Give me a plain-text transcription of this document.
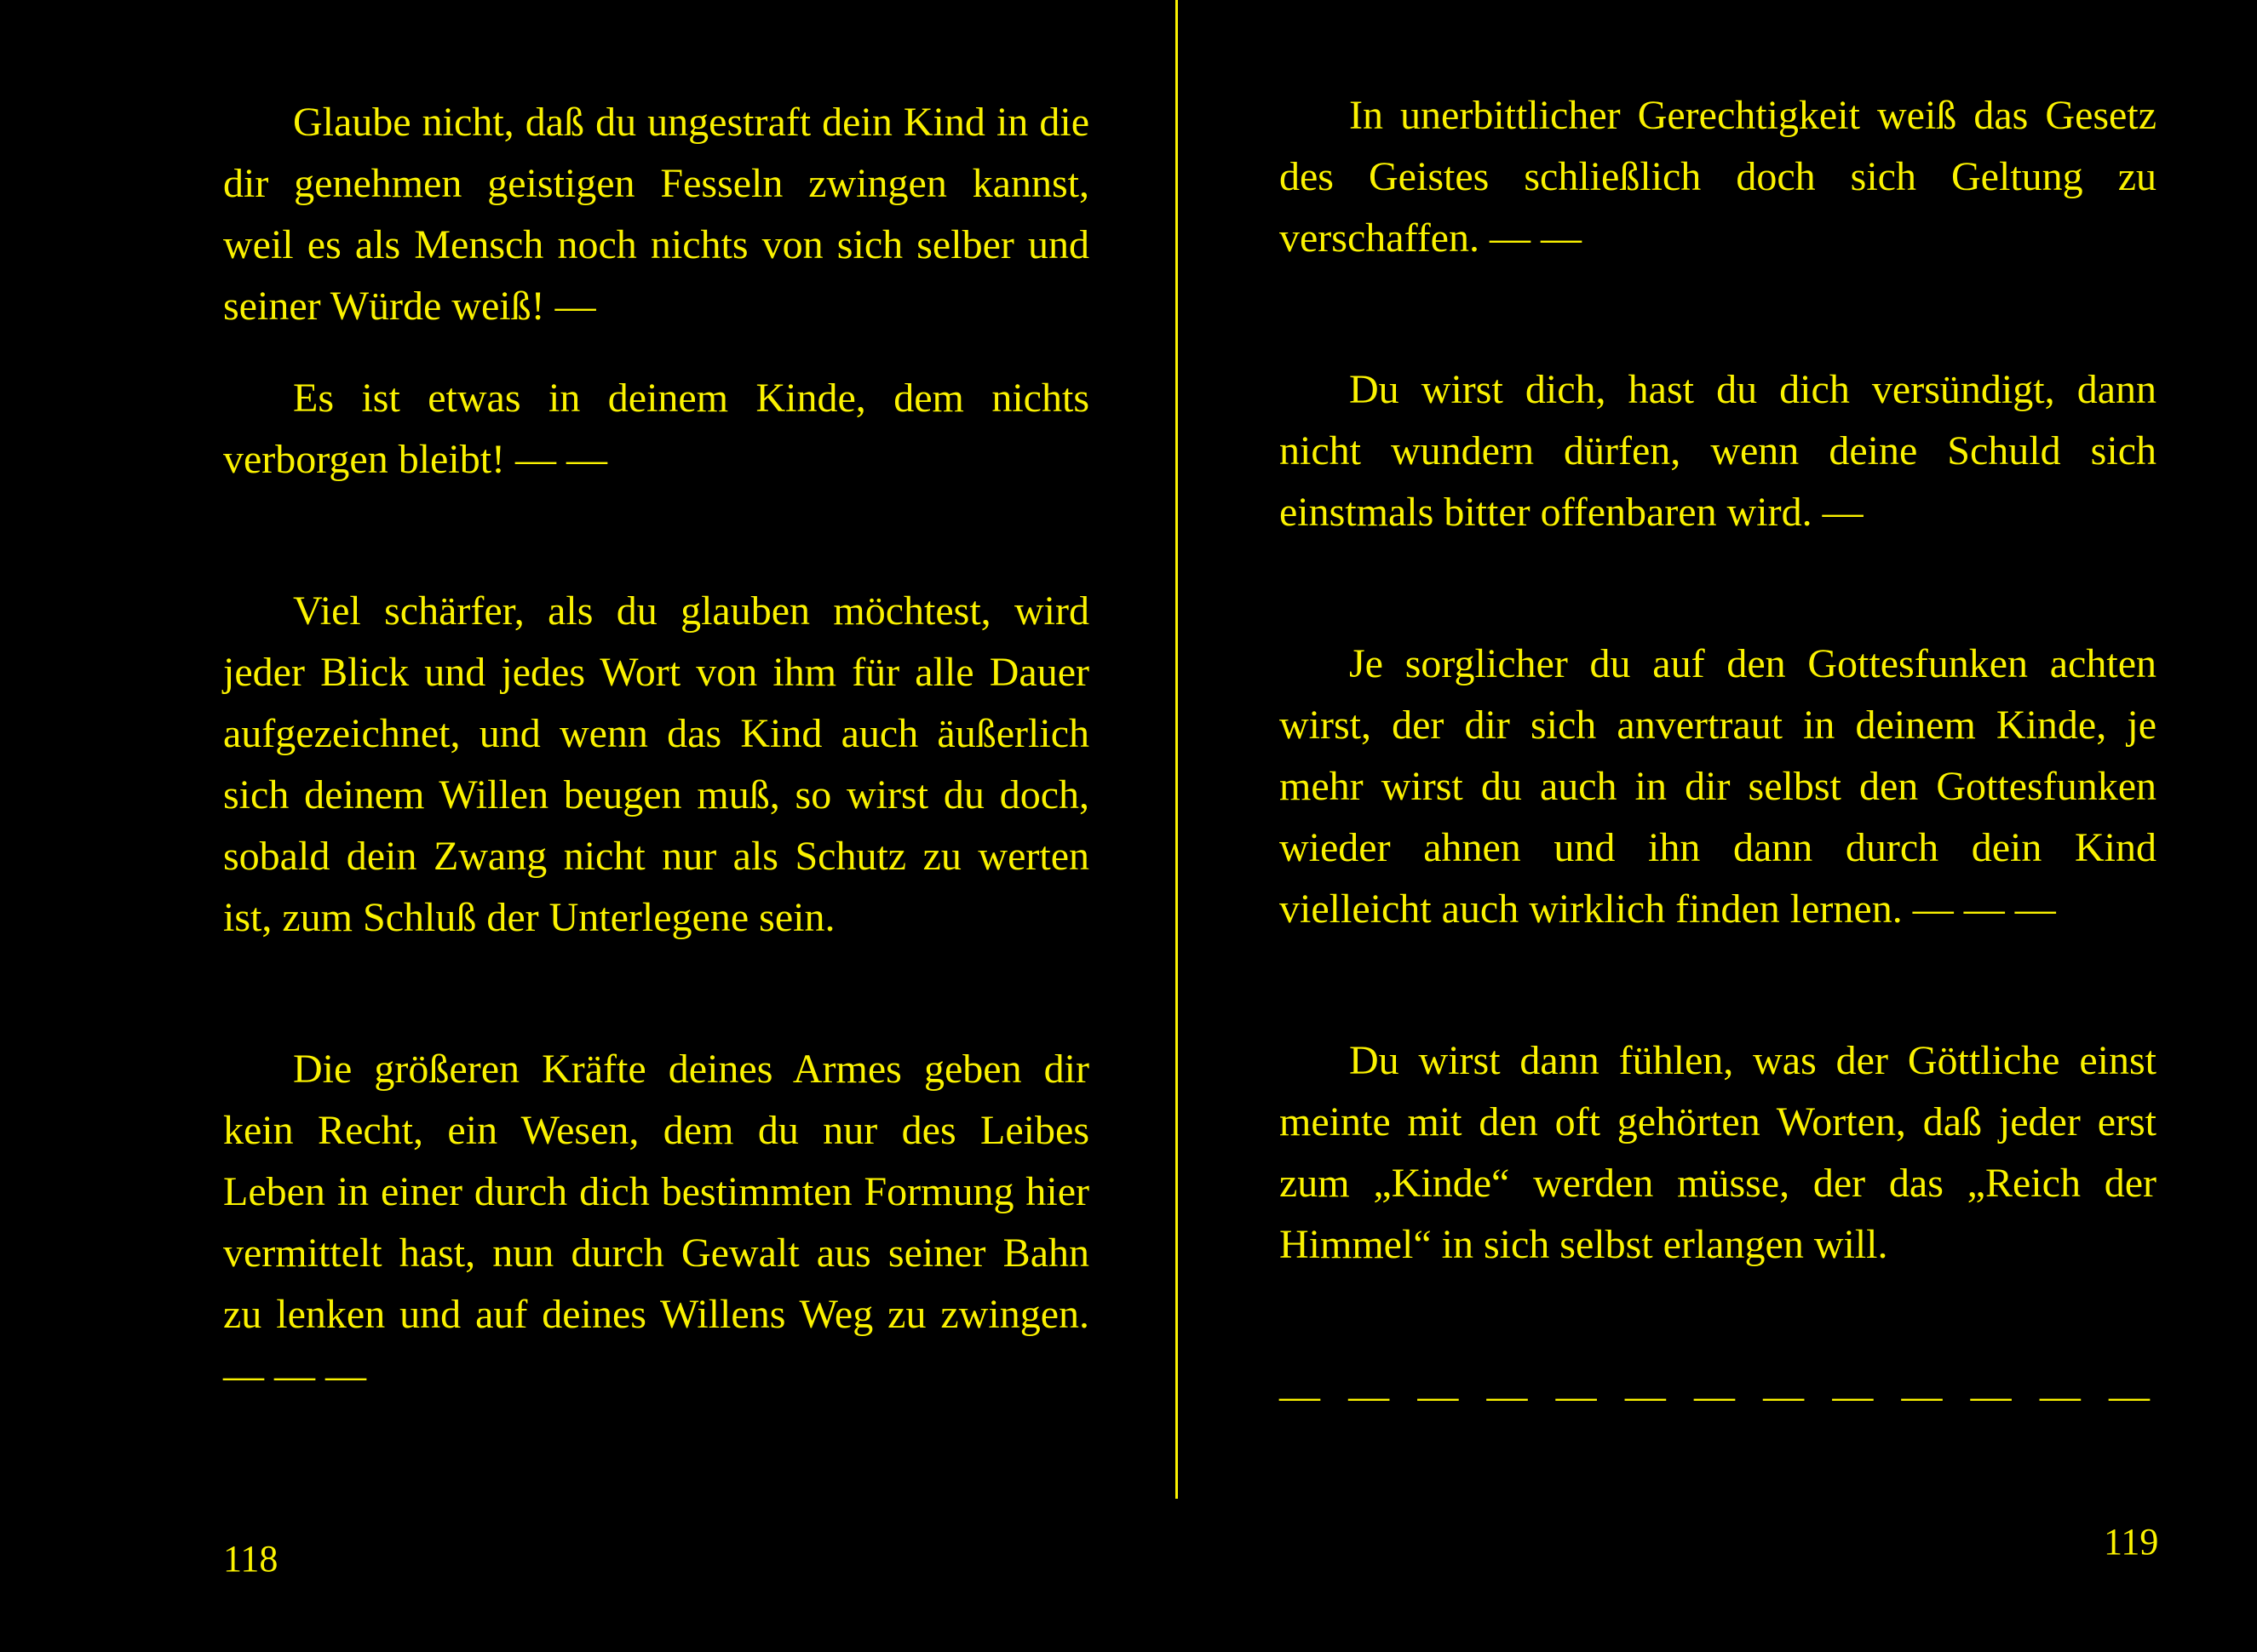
Glaube nicht, daß du ungestraft dein Kind in die dir genehmen geistigen Fesseln zwingen kannst, weil es als Mensch noch nichts von sich selber und seiner Würde weiß! —

Es ist etwas in deinem Kinde, dem nichts verborgen bleibt! — —

Viel schärfer, als du glauben möchtest, wird jeder Blick und jedes Wort von ihm für alle Dauer aufgezeichnet, und wenn das Kind auch äußerlich sich deinem Willen beugen muß, so wirst du doch, sobald dein Zwang nicht nur als Schutz zu werten ist, zum Schluß der Unterlegene sein.

Die größeren Kräfte deines Armes geben dir kein Recht, ein Wesen, dem du nur des Leibes Leben in einer durch dich bestimmten Formung hier vermittelt hast, nun durch Gewalt aus seiner Bahn zu lenken und auf deines Willens Weg zu zwingen. — — —

118

In unerbittlicher Gerechtigkeit weiß das Gesetz des Geistes schließlich doch sich Geltung zu verschaffen. — —

Du wirst dich, hast du dich versündigt, dann nicht wundern dürfen, wenn deine Schuld sich einstmals bitter offenbaren wird. —

Je sorglicher du auf den Gottesfunken achten wirst, der dir sich anvertraut in deinem Kinde, je mehr wirst du auch in dir selbst den Gottesfunken wieder ahnen und ihn dann durch dein Kind vielleicht auch wirklich finden lernen. — — —

Du wirst dann fühlen, was der Göttliche einst meinte mit den oft gehörten Worten, daß jeder erst zum „Kinde“ werden müsse, der das „Reich der Himmel“ in sich selbst erlangen will.

— — — — — — — — — — — — —
119
